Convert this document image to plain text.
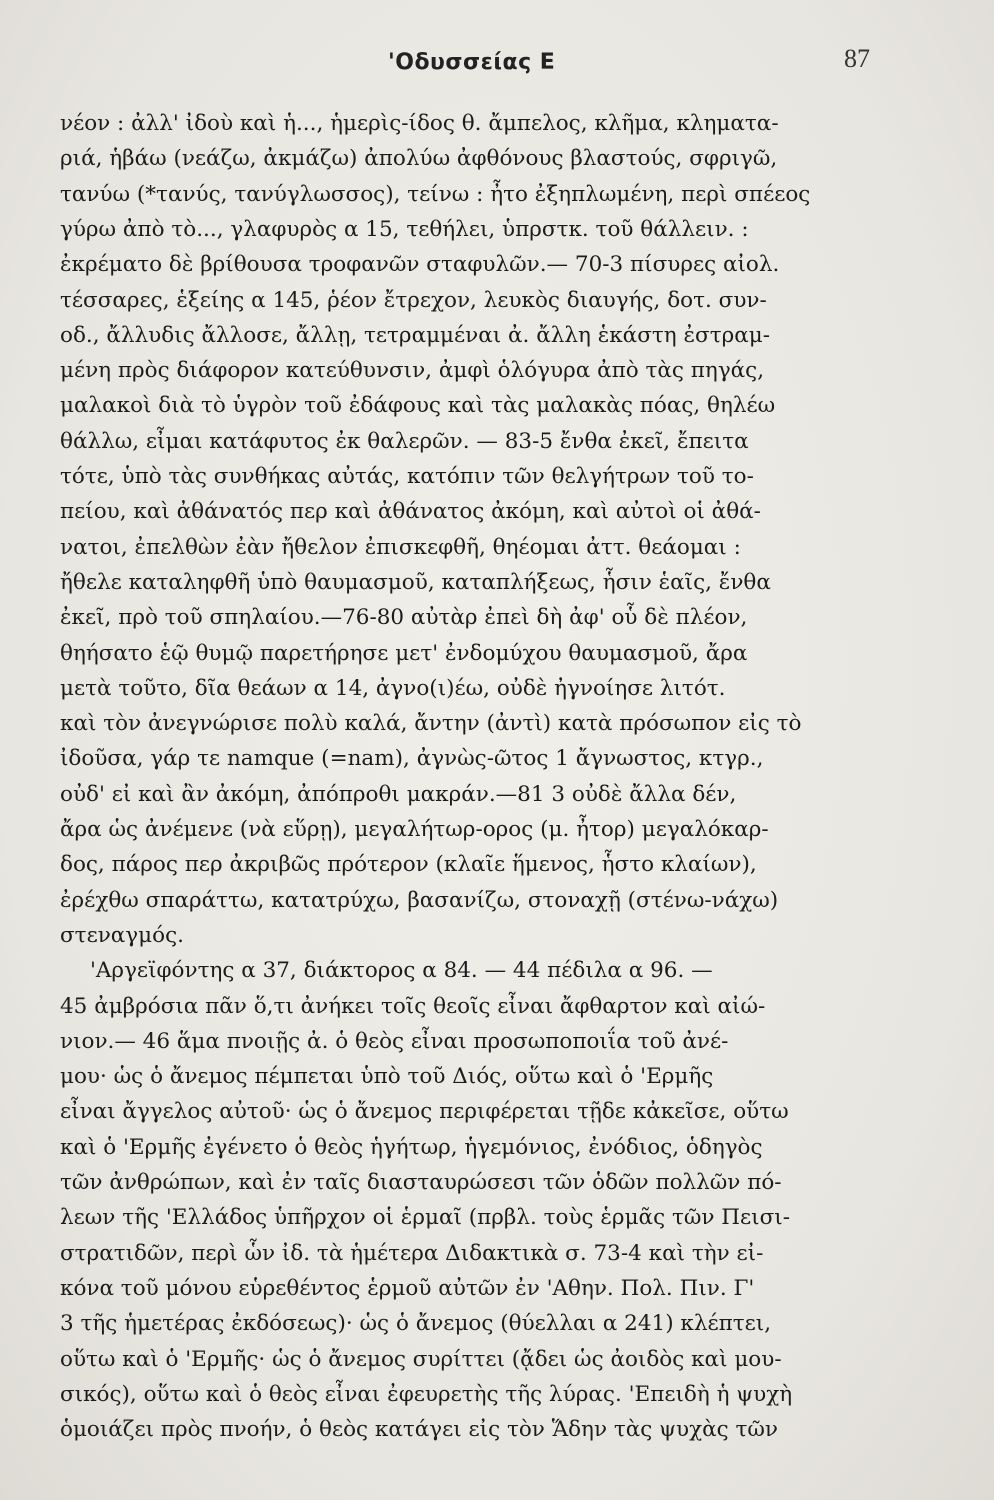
'Οδυσσείας Ε	87
νέον : ἀλλ' ἰδοὺ καὶ ἡ..., ἡμερὶς-ίδος θ. ἄμπελος, κλῆμα, κληματα-
ριά, ἡβάω (νεάζω, ἀκμάζω) ἀπολύω ἀφθόνους βλαστούς, σφριγῶ,
τανύω (*τανύς, τανύγλωσσος), τείνω : ἦτο ἐξηπλωμένη, περὶ σπέεος
γύρω ἀπὸ τὸ..., γλαφυρὸς α 15, τεθήλει, ὑπρστκ. τοῦ θάλλειν. :
ἐκρέματο δὲ βρίθουσα τροφανῶν σταφυλῶν.— 70-3 πίσυρες αἰολ.
τέσσαρες, ἑξείης α 145, ῥέον ἔτρεχον, λευκὸς διαυγής, δοτ. συν-
οδ., ἄλλυδις ἄλλοσε, ἄλλῃ, τετραμμέναι ἀ. ἄλλη ἑκάστη ἐστραμ-
μένη πρὸς διάφορον κατεύθυνσιν, ἀμφὶ ὁλόγυρα ἀπὸ τὰς πηγάς,
μαλακοὶ διὰ τὸ ὑγρὸν τοῦ ἐδάφους καὶ τὰς μαλακὰς πόας, θηλέω
θάλλω, εἶμαι κατάφυτος ἐκ θαλερῶν. — 83-5 ἔνθα ἐκεῖ, ἔπειτα
τότε, ὑπὸ τὰς συνθήκας αὐτάς, κατόπιν τῶν θελγήτρων τοῦ το-
πείου, καὶ ἀθάνατός περ καὶ ἀθάνατος ἀκόμη, καὶ αὐτοὶ οἱ ἀθά-
νατοι, ἐπελθὼν ἐὰν ἤθελον ἐπισκεφθῆ, θηέομαι ἀττ. θεάομαι :
ἤθελε καταληφθῆ ὑπὸ θαυμασμοῦ, καταπλήξεως, ἧσιν ἑαῖς, ἔνθα
ἐκεῖ, πρὸ τοῦ σπηλαίου.—76-80 αὐτὰρ ἐπεὶ δὴ ἀφ' οὗ δὲ πλέον,
θηήσατο ἑῷ θυμῷ παρετήρησε μετ' ἐνδομύχου θαυμασμοῦ, ἄρα
μετὰ τοῦτο, δῖα θεάων α 14, ἀγνο(ι)έω, οὐδὲ ἠγνοίησε λιτότ.
καὶ τὸν ἀνεγνώρισε πολὺ καλά, ἄντην (ἀντὶ) κατὰ πρόσωπον εἰς τὸ
ἰδοῦσα, γάρ τε namque (=nam), ἀγνὼς-ῶτος 1 ἄγνωστος, κτγρ.,
οὐδ' εἰ καὶ ἂν ἀκόμη, ἀπόπροθι μακράν.—81 3 οὐδὲ ἄλλα δέν,
ἄρα ὡς ἀνέμενε (νὰ εὕρῃ), μεγαλήτωρ-ορος (μ. ἦτορ) μεγαλόκαρ-
δος, πάρος περ ἀκριβῶς πρότερον (κλαῖε ἥμενος, ἧστο κλαίων),
ἐρέχθω σπαράττω, κατατρύχω, βασανίζω, στοναχῇ (στένω-νάχω)
στεναγμός.
'Αργεϊφόντης α 37, διάκτορος α 84. — 44 πέδιλα α 96. —
45 ἀμβρόσια πᾶν ὅ,τι ἀνήκει τοῖς θεοῖς εἶναι ἄφθαρτον καὶ αἰώ-
νιον.— 46 ἅμα πνοιῇς ἀ. ὁ θεὸς εἶναι προσωποποιΐα τοῦ ἀνέ-
μου· ὡς ὁ ἄνεμος πέμπεται ὑπὸ τοῦ Διός, οὕτω καὶ ὁ 'Ερμῆς
εἶναι ἄγγελος αὐτοῦ· ὡς ὁ ἄνεμος περιφέρεται τῇδε κἀκεῖσε, οὕτω
καὶ ὁ 'Ερμῆς ἐγένετο ὁ θεὸς ἡγήτωρ, ἡγεμόνιος, ἐνόδιος, ὁδηγὸς
τῶν ἀνθρώπων, καὶ ἐν ταῖς διασταυρώσεσι τῶν ὁδῶν πολλῶν πό-
λεων τῆς 'Ελλάδος ὑπῆρχον οἱ ἑρμαῖ (πρβλ. τοὺς ἑρμᾶς τῶν Πεισι-
στρατιδῶν, περὶ ὧν ἰδ. τὰ ἡμέτερα Διδακτικὰ σ. 73-4 καὶ τὴν εἰ-
κόνα τοῦ μόνου εὑρεθέντος ἑρμοῦ αὐτῶν ἐν 'Αθην. Πολ. Πιν. Γ'
3 τῆς ἡμετέρας ἐκδόσεως)· ὡς ὁ ἄνεμος (θύελλαι α 241) κλέπτει,
οὕτω καὶ ὁ 'Ερμῆς· ὡς ὁ ἄνεμος συρίττει (ᾄδει ὡς ἀοιδὸς καὶ μου-
σικός), οὕτω καὶ ὁ θεὸς εἶναι ἐφευρετὴς τῆς λύρας. 'Επειδὴ ἡ ψυχὴ
ὁμοιάζει πρὸς πνοήν, ὁ θεὸς κατάγει εἰς τὸν Ἅδην τὰς ψυχὰς τῶν
